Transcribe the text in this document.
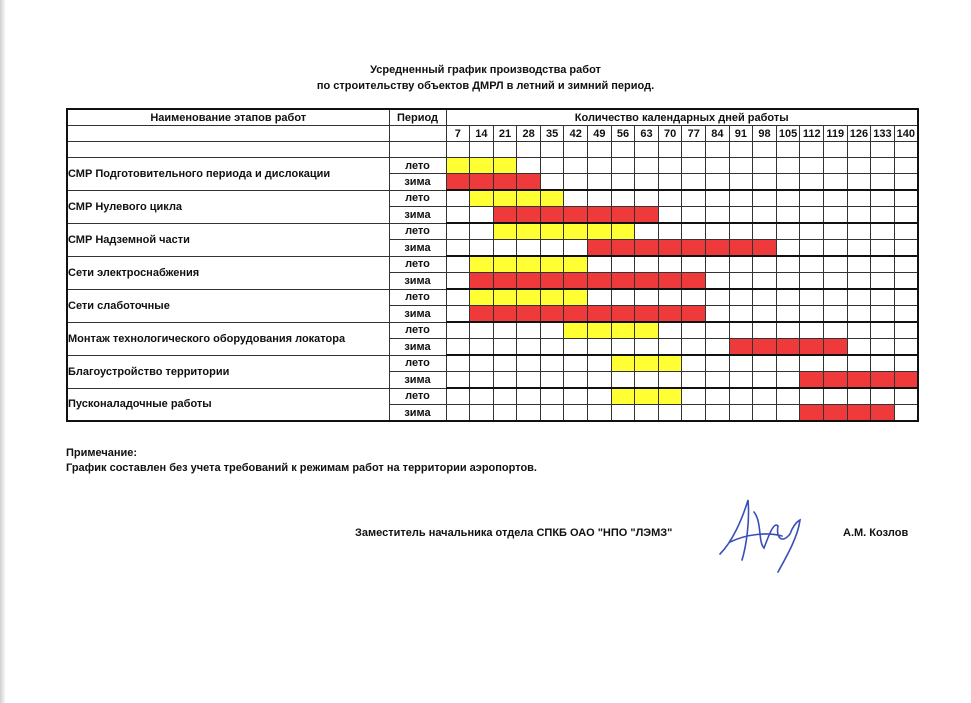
Усредненный график производства работ
по строительству объектов ДМРЛ в летний и зимний период.
Наименование этапов работ	Период	Количество календарных дней работы																			
		7	14	21	28	35	42	49	56	63	70	77	84	91	98	105	112	119	126	133	140

СМР Подготовительного периода и дислокации	лето																				
	зима																				
СМР Нулевого цикла	лето																				
	зима																				
СМР Надземной части	лето																				
	зима																				
Сети электроснабжения	лето																				
	зима																				
Сети слаботочные	лето																				
	зима																				
Монтаж технологического оборудования локатора	лето																				
	зима																				
Благоустройство территории	лето																				
	зима																				
Пусконаладочные работы	лето																				
	зима																				
Примечание:
График составлен без учета требований к режимам работ на территории аэропортов.
Заместитель начальника отдела СПКБ ОАО "НПО "ЛЭМЗ"	А.М. Козлов
